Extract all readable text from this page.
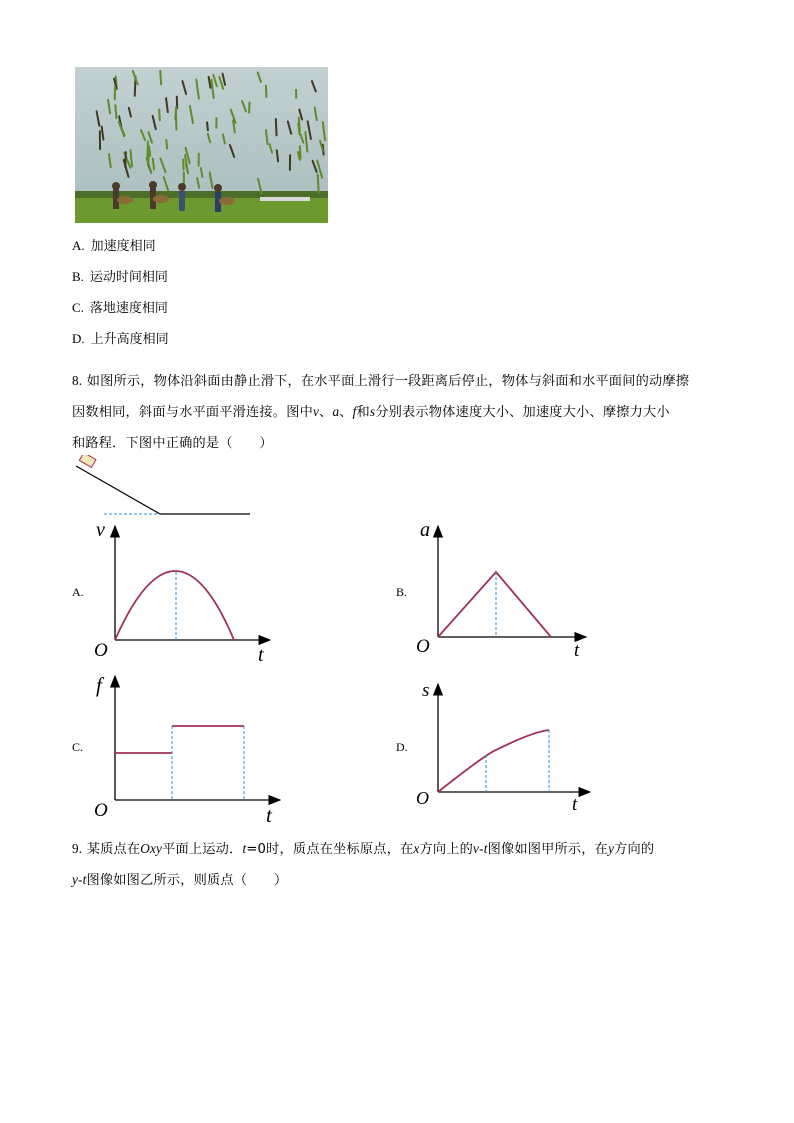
A. 加速度相同
B. 运动时间相同
C. 落地速度相同
D. 上升高度相同
8. 如图所示，物体沿斜面由静止滑下，在水平面上滑行一段距离后停止，物体与斜面和水平面间的动摩擦
因数相同，斜面与水平面平滑连接。图中v、a、f和s分别表示物体速度大小、加速度大小、摩擦力大小
和路程．下图中正确的是（　　）
A.
v
O	t
B.
a
O	t
C.
f
O	t
D.
s
O	t
9. 某质点在Oxy平面上运动．t=0时，质点在坐标原点，在x方向上的v-t图像如图甲所示，在y方向的
y-t图像如图乙所示，则质点（　　）
